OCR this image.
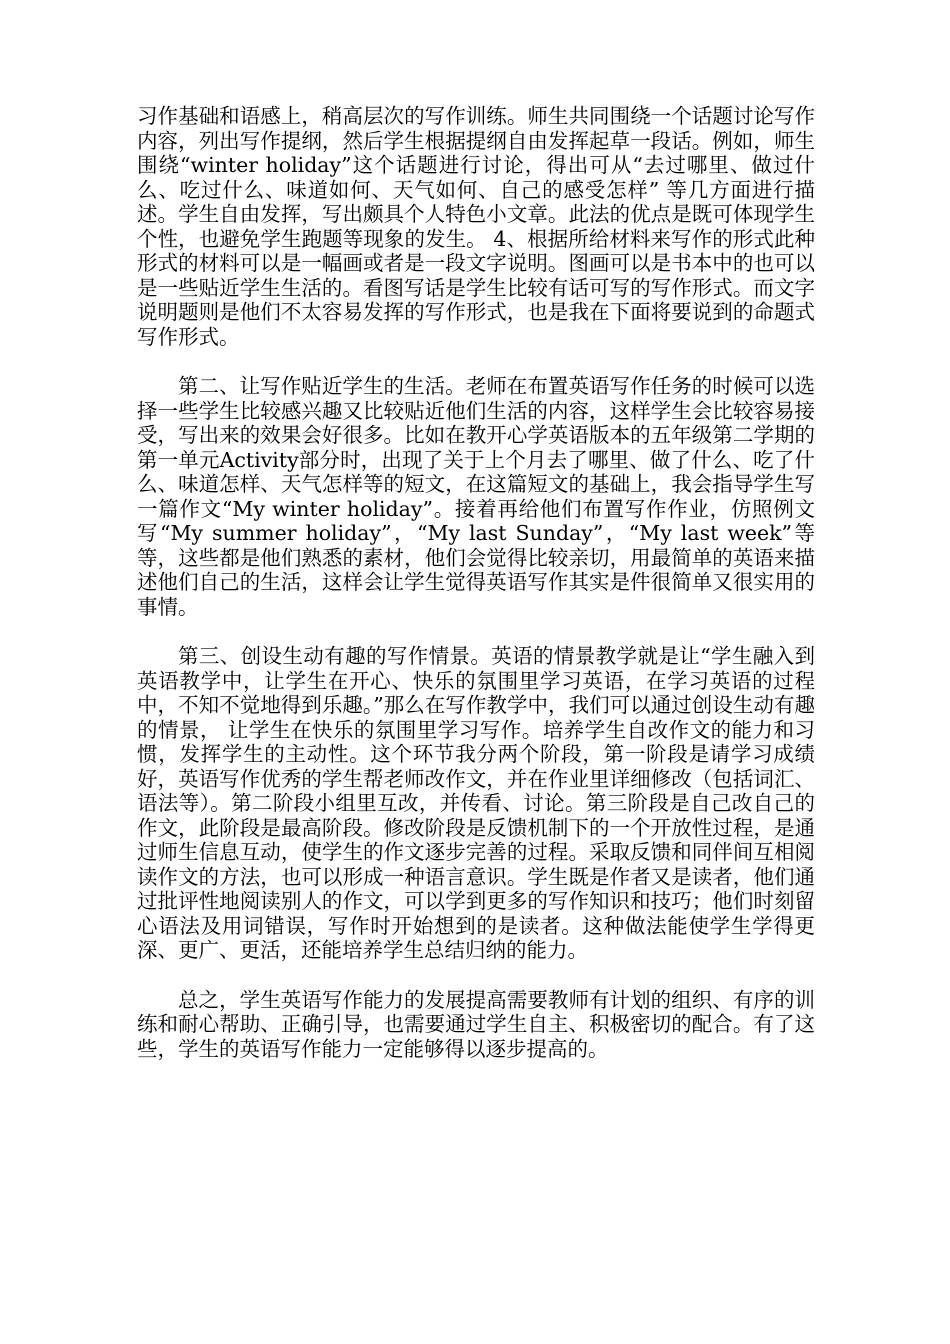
习作基础和语感上，稍高层次的写作训练。师生共同围绕一个话题讨论写作内容，列出写作提纲，然后学生根据提纲自由发挥起草一段话。例如，师生围绕“winter holiday”这个话题进行讨论，得出可从“去过哪里、做过什么、吃过什么、味道如何、天气如何、自己的感受怎样” 等几方面进行描述。学生自由发挥，写出颇具个人特色小文章。此法的优点是既可体现学生个性，也避免学生跑题等现象的发生。 4、根据所给材料来写作的形式此种形式的材料可以是一幅画或者是一段文字说明。图画可以是书本中的也可以是一些贴近学生生活的。看图写话是学生比较有话可写的写作形式。而文字说明题则是他们不太容易发挥的写作形式，也是我在下面将要说到的命题式写作形式。

第二、让写作贴近学生的生活。老师在布置英语写作任务的时候可以选择一些学生比较感兴趣又比较贴近他们生活的内容，这样学生会比较容易接受，写出来的效果会好很多。比如在教开心学英语版本的五年级第二学期的第一单元Activity部分时，出现了关于上个月去了哪里、做了什么、吃了什么、味道怎样、天气怎样等的短文，在这篇短文的基础上，我会指导学生写一篇作文“My winter holiday”。接着再给他们布置写作作业，仿照例文写“My summer holiday”，“My last Sunday”，“My last week”等等，这些都是他们熟悉的素材，他们会觉得比较亲切，用最简单的英语来描述他们自己的生活，这样会让学生觉得英语写作其实是件很简单又很实用的事情。

第三、创设生动有趣的写作情景。英语的情景教学就是让“学生融入到英语教学中，让学生在开心、快乐的氛围里学习英语，在学习英语的过程中，不知不觉地得到乐趣。”那么在写作教学中，我们可以通过创设生动有趣的情景， 让学生在快乐的氛围里学习写作。培养学生自改作文的能力和习惯，发挥学生的主动性。这个环节我分两个阶段，第一阶段是请学习成绩好，英语写作优秀的学生帮老师改作文，并在作业里详细修改（包括词汇、语法等）。第二阶段小组里互改，并传看、讨论。第三阶段是自己改自己的作文，此阶段是最高阶段。修改阶段是反馈机制下的一个开放性过程，是通过师生信息互动，使学生的作文逐步完善的过程。采取反馈和同伴间互相阅读作文的方法，也可以形成一种语言意识。学生既是作者又是读者，他们通过批评性地阅读别人的作文，可以学到更多的写作知识和技巧；他们时刻留心语法及用词错误，写作时开始想到的是读者。这种做法能使学生学得更深、更广、更活，还能培养学生总结归纳的能力。

总之，学生英语写作能力的发展提高需要教师有计划的组织、有序的训练和耐心帮助、正确引导，也需要通过学生自主、积极密切的配合。有了这些，学生的英语写作能力一定能够得以逐步提高的。
